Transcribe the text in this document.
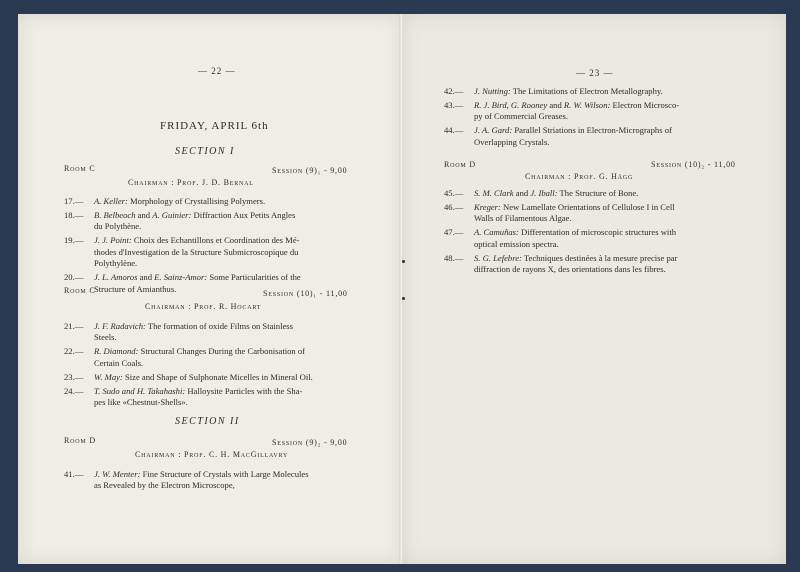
— 22 —
FRIDAY, APRIL 6th
SECTION I
Room C	Session (9)₁ - 9,00
Chairman : Prof. J. D. Bernal
17.— A. Keller: Morphology of Crystallising Polymers.
18.— B. Belbeoch and A. Guinier: Diffraction Aux Petits Angles
du Polythène.
19.— J. J. Point: Choix des Echantillons et Coordination des Mé-
thodes d'Investigation de la Structure Submicroscopique du
Polythylène.
20.— J. L. Amoros and E. Sainz-Amor: Some Particularities of the
Structure of Amianthus.
Room C	Session (10)₁ - 11,00
Chairman : Prof. R. Hocart
21.— J. F. Radavich: The formation of oxide Films on Stainless
Steels.
22.— R. Diamond: Structural Changes During the Carbonisation of
Certain Coals.
23.— W. May: Size and Shape of Sulphonate Micelles in Mineral Oil.
24.— T. Sudo and H. Takahashi: Halloysite Particles with the Sha-
pes like «Chestnut-Shells».
SECTION II
Room D	Session (9)₂ - 9,00
Chairman : Prof. C. H. MacGillavry
41.— J. W. Menter: Fine Structure of Crystals with Large Molecules
as Revealed by the Electron Microscope,
— 23 —
42.— J. Nutting: The Limitations of Electron Metallography.
43.— R. J. Bird, G. Rooney and R. W. Wilson: Electron Microsco-
py of Commercial Greases.
44.— J. A. Gard: Parallel Striations in Electron-Micrographs of
Overlapping Crystals.
Room D	Session (10)₂ - 11,00
Chairman : Prof. G. Hägg
45.— S. M. Clark and J. Iball: The Structure of Bone.
46.— Kreger: New Lamellate Orientations of Cellulose I in Cell
Walls of Filamentous Algae.
47.— A. Camuñas: Differentation of microscopic structures with
optical emission spectra.
48.— S. G. Lefebre: Techniques destinées à la mesure precise par
diffraction de rayons X, des orientations dans les fibres.
